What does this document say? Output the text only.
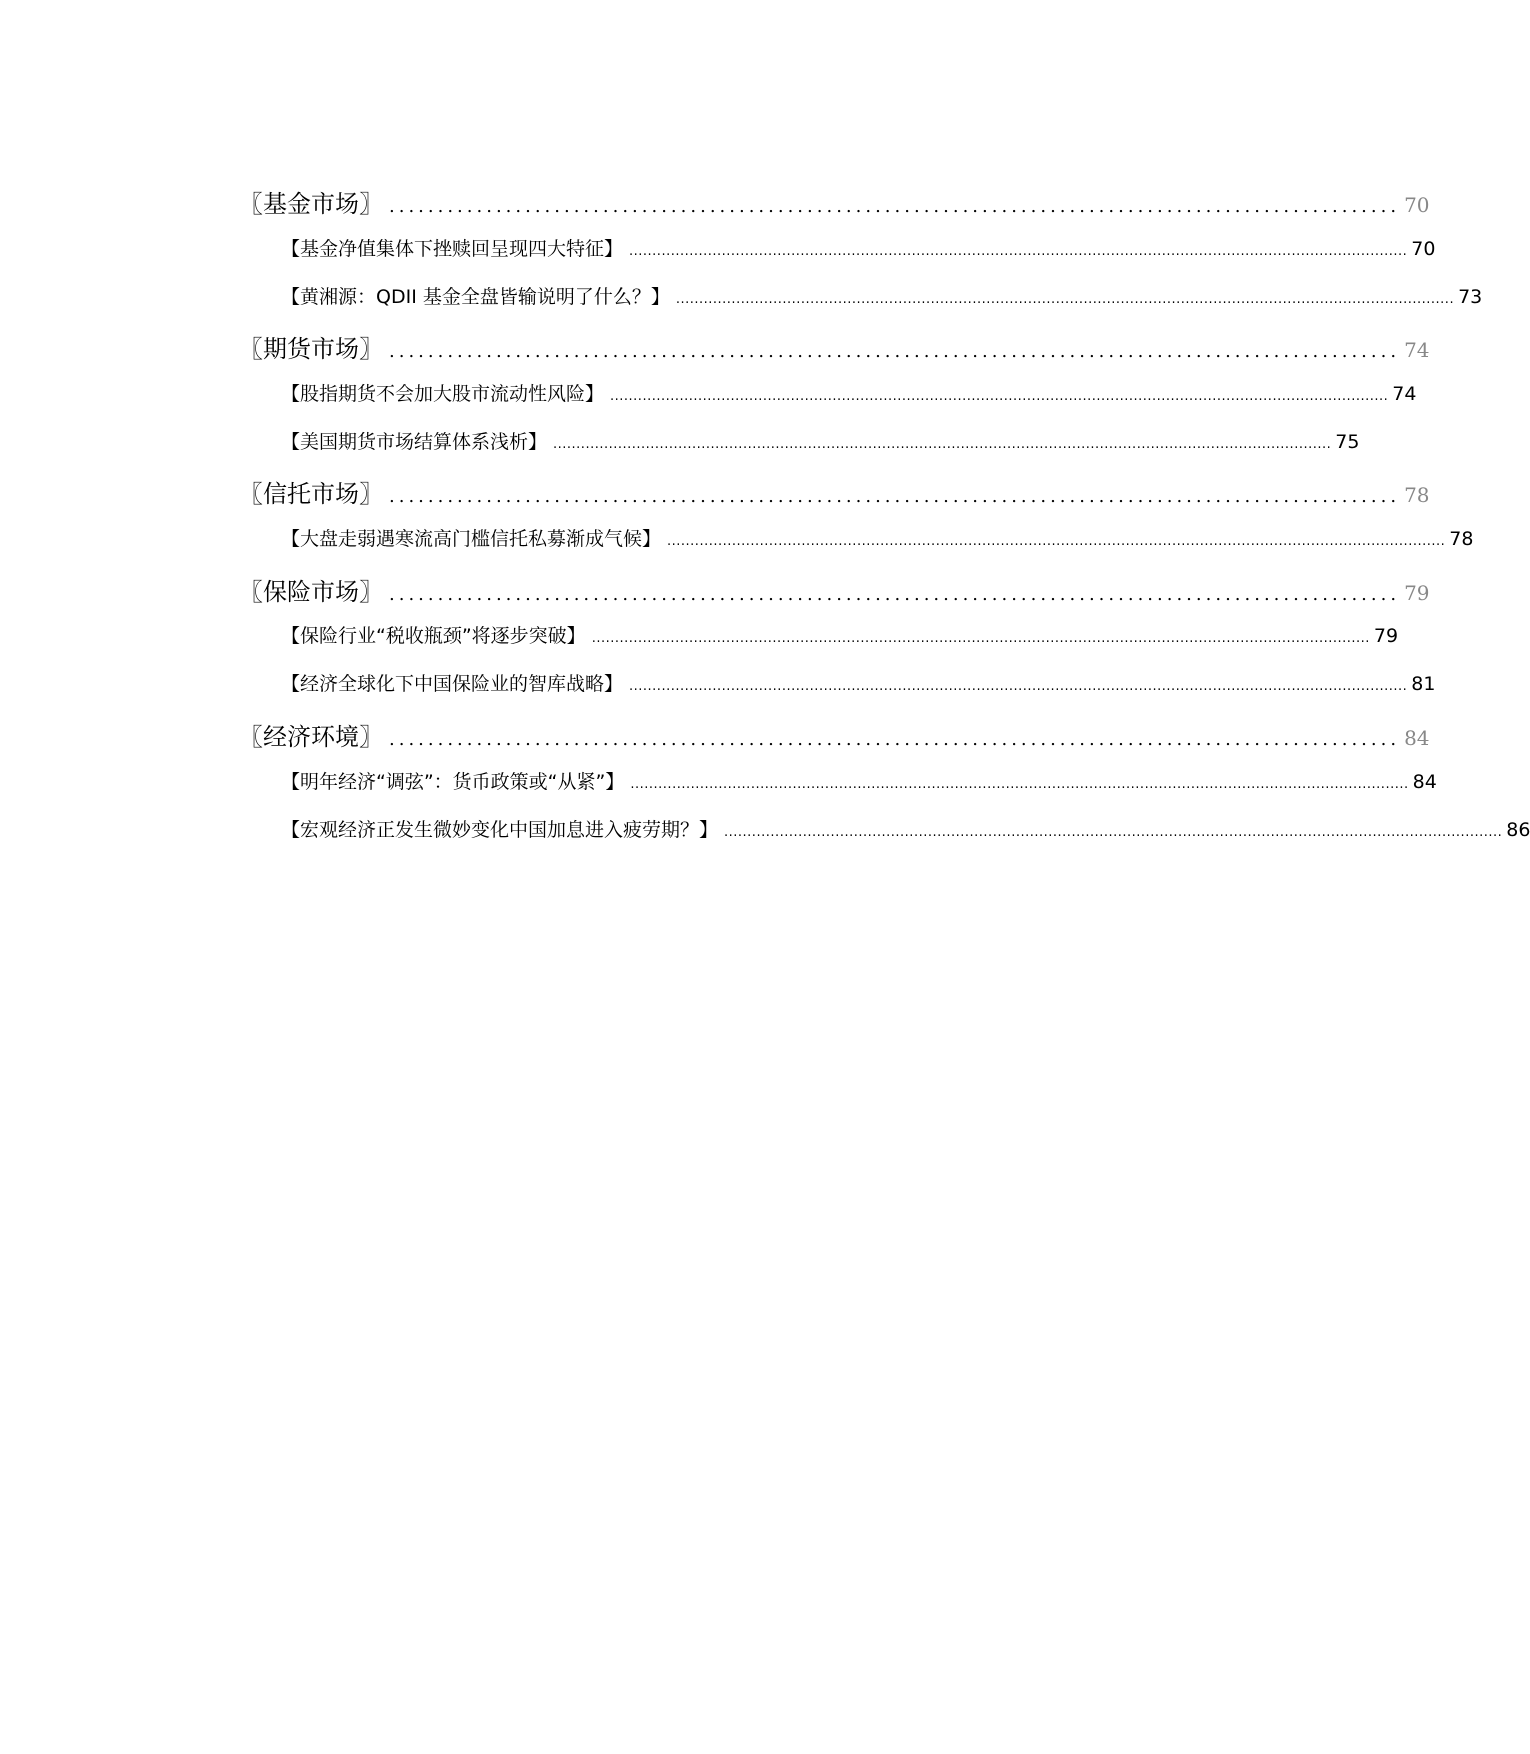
〖基金市场〗 ........................................................................................................ 70
【基金净值集体下挫赎回呈现四大特征】 ........................................................................................................................................................................ 70
【黄湘源：QDII 基金全盘皆输说明了什么？】 ........................................................................................................................................................................ 73
〖期货市场〗 ........................................................................................................ 74
【股指期货不会加大股市流动性风险】 ........................................................................................................................................................................ 74
【美国期货市场结算体系浅析】 ........................................................................................................................................................................ 75
〖信托市场〗 ........................................................................................................ 78
【大盘走弱遇寒流高门槛信托私募渐成气候】 ........................................................................................................................................................................ 78
〖保险市场〗 ........................................................................................................ 79
【保险行业“税收瓶颈”将逐步突破】 ........................................................................................................................................................................ 79
【经济全球化下中国保险业的智库战略】 ........................................................................................................................................................................ 81
〖经济环境〗 ........................................................................................................ 84
【明年经济“调弦”：货币政策或“从紧”】 ........................................................................................................................................................................ 84
【宏观经济正发生微妙变化中国加息进入疲劳期？】 ........................................................................................................................................................................ 86
